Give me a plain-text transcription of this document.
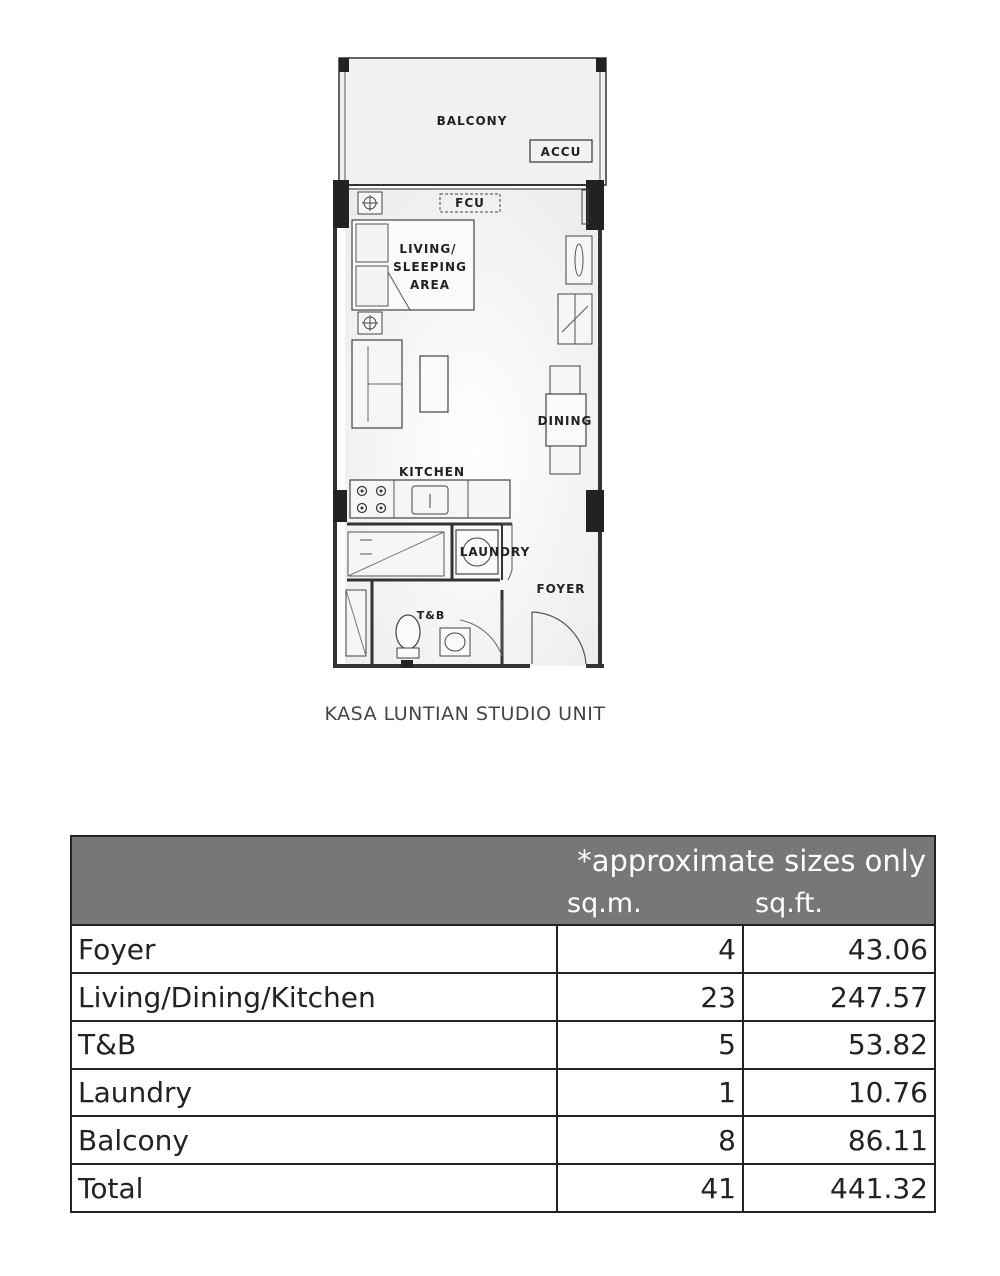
BALCONY
ACCU
FCU
LIVING/
SLEEPING
AREA
DINING
KITCHEN
LAUNDRY
FOYER
T&B
KASA LUNTIAN STUDIO UNIT

	*approximate sizes only
sq.m. sq.ft.	

Foyer	4	43.06
Living/Dining/Kitchen	23	247.57
T&B	5	53.82
Laundry	1	10.76
Balcony	8	86.11
Total	41	441.32
